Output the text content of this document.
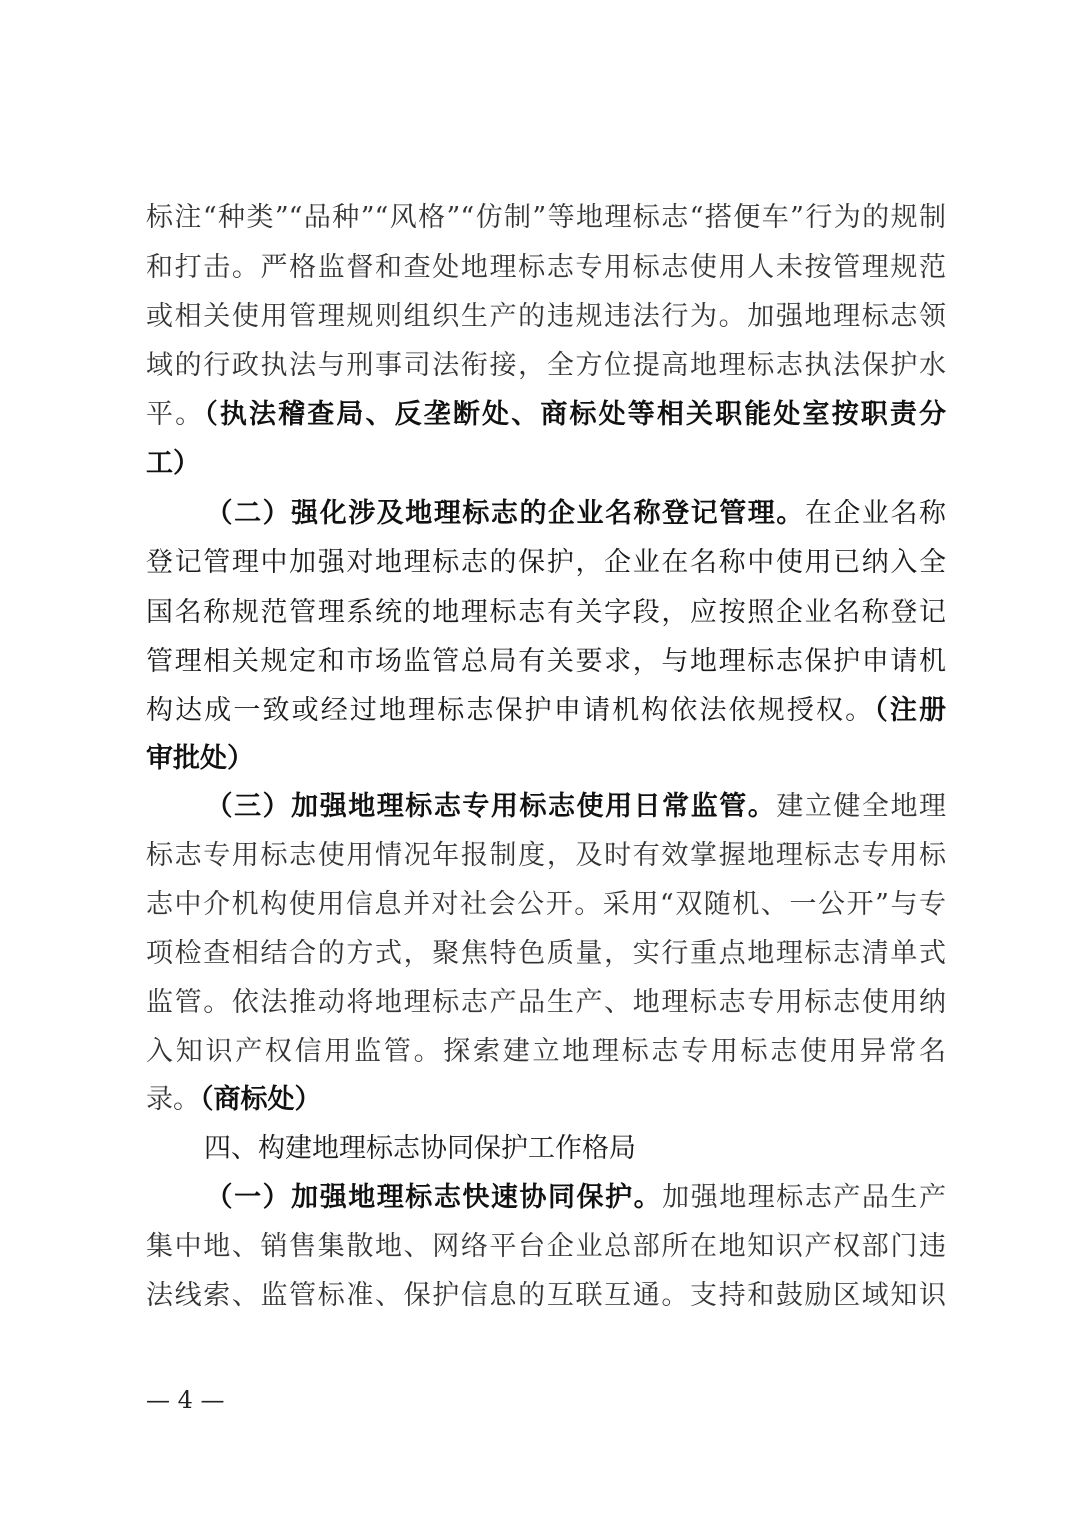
标注“种类”“品种”“风格”“仿制”等地理标志“搭便车”行为的规制
和打击。严格监督和查处地理标志专用标志使用人未按管理规范
或相关使用管理规则组织生产的违规违法行为。加强地理标志领
域的行政执法与刑事司法衔接，全方位提高地理标志执法保护水
平。（执法稽查局、反垄断处、商标处等相关职能处室按职责分
工）
（二）强化涉及地理标志的企业名称登记管理。在企业名称
登记管理中加强对地理标志的保护，企业在名称中使用已纳入全
国名称规范管理系统的地理标志有关字段，应按照企业名称登记
管理相关规定和市场监管总局有关要求，与地理标志保护申请机
构达成一致或经过地理标志保护申请机构依法依规授权。（注册
审批处）
（三）加强地理标志专用标志使用日常监管。建立健全地理
标志专用标志使用情况年报制度，及时有效掌握地理标志专用标
志中介机构使用信息并对社会公开。采用“双随机、一公开”与专
项检查相结合的方式，聚焦特色质量，实行重点地理标志清单式
监管。依法推动将地理标志产品生产、地理标志专用标志使用纳
入知识产权信用监管。探索建立地理标志专用标志使用异常名
录。（商标处）
四、构建地理标志协同保护工作格局
（一）加强地理标志快速协同保护。加强地理标志产品生产
集中地、销售集散地、网络平台企业总部所在地知识产权部门违
法线索、监管标准、保护信息的互联互通。支持和鼓励区域知识
— 4 —
